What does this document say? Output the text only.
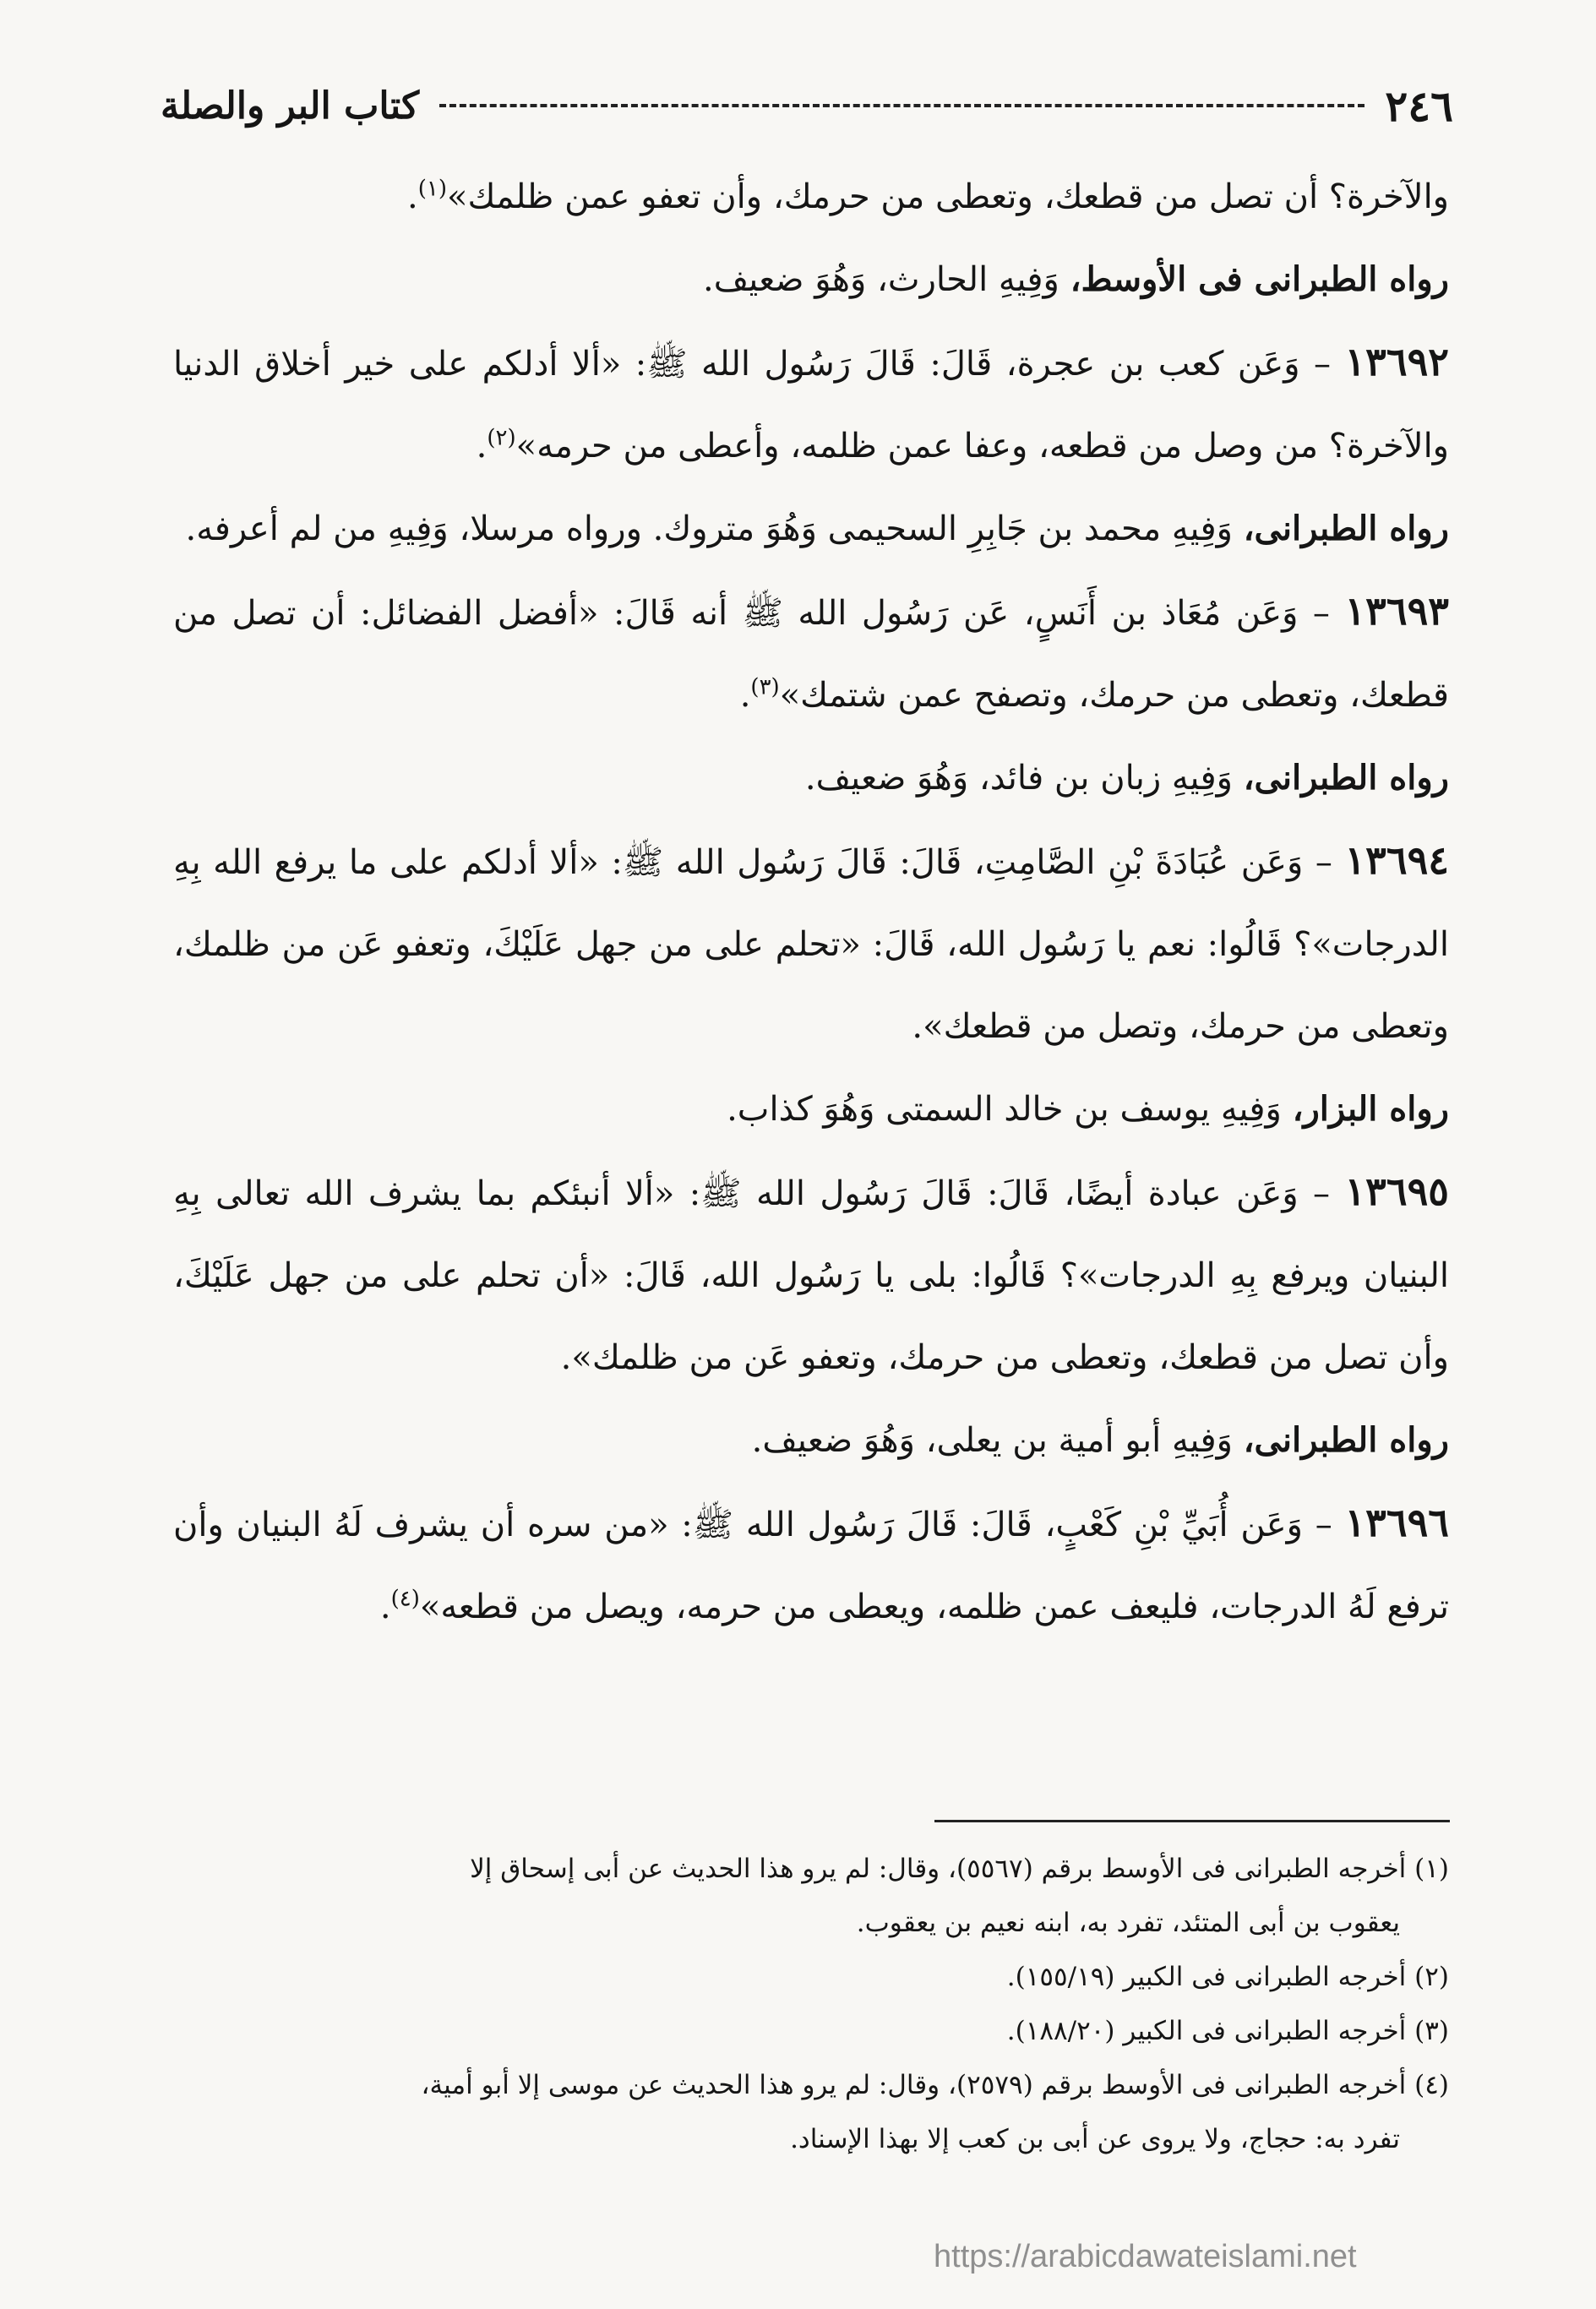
٢٤٦
كتاب البر والصلة

والآخرة؟ أن تصل من قطعك، وتعطى من حرمك، وأن تعفو عمن ظلمك»$^{(١)}$.

رواه الطبرانى فى الأوسط، وَفِيهِ الحارث، وَهُوَ ضعيف.

١٣٦٩٢ – وَعَن كعب بن عجرة، قَالَ: قَالَ رَسُول الله ﷺ: «ألا أدلكم على خير أخلاق الدنيا والآخرة؟ من وصل من قطعه، وعفا عمن ظلمه، وأعطى من حرمه»$^{(٢)}$.

رواه الطبرانى، وَفِيهِ محمد بن جَابِرِ السحيمى وَهُوَ متروك. ورواه مرسلا، وَفِيهِ من لم أعرفه.

١٣٦٩٣ – وَعَن مُعَاذ بن أَنَسٍ، عَن رَسُول الله ﷺ أنه قَالَ: «أفضل الفضائل: أن تصل من قطعك، وتعطى من حرمك، وتصفح عمن شتمك»$^{(٣)}$.

رواه الطبرانى، وَفِيهِ زبان بن فائد، وَهُوَ ضعيف.

١٣٦٩٤ – وَعَن عُبَادَةَ بْنِ الصَّامِتِ، قَالَ: قَالَ رَسُول الله ﷺ: «ألا أدلكم على ما يرفع الله بِهِ الدرجات»؟ قَالُوا: نعم يا رَسُول الله، قَالَ: «تحلم على من جهل عَلَيْكَ، وتعفو عَن من ظلمك، وتعطى من حرمك، وتصل من قطعك».

رواه البزار، وَفِيهِ يوسف بن خالد السمتى وَهُوَ كذاب.

١٣٦٩٥ – وَعَن عبادة أيضًا، قَالَ: قَالَ رَسُول الله ﷺ: «ألا أنبئكم بما يشرف الله تعالى بِهِ البنيان ويرفع بِهِ الدرجات»؟ قَالُوا: بلى يا رَسُول الله، قَالَ: «أن تحلم على من جهل عَلَيْكَ، وأن تصل من قطعك، وتعطى من حرمك، وتعفو عَن من ظلمك».

رواه الطبرانى، وَفِيهِ أبو أمية بن يعلى، وَهُوَ ضعيف.

١٣٦٩٦ – وَعَن أُبَيِّ بْنِ كَعْبٍ، قَالَ: قَالَ رَسُول الله ﷺ: «من سره أن يشرف لَهُ البنيان وأن ترفع لَهُ الدرجات، فليعف عمن ظلمه، ويعطى من حرمه، ويصل من قطعه»$^{(٤)}$.

(١) أخرجه الطبرانى فى الأوسط برقم (٥٥٦٧)، وقال: لم يرو هذا الحديث عن أبى إسحاق إلا
يعقوب بن أبى المتئد، تفرد به، ابنه نعيم بن يعقوب.

(٢) أخرجه الطبرانى فى الكبير (١٥٥/١٩).

(٣) أخرجه الطبرانى فى الكبير (١٨٨/٢٠).

(٤) أخرجه الطبرانى فى الأوسط برقم (٢٥٧٩)، وقال: لم يرو هذا الحديث عن موسى إلا أبو أمية،
تفرد به: حجاج، ولا يروى عن أبى بن كعب إلا بهذا الإسناد.

https://arabicdawateislami.net
